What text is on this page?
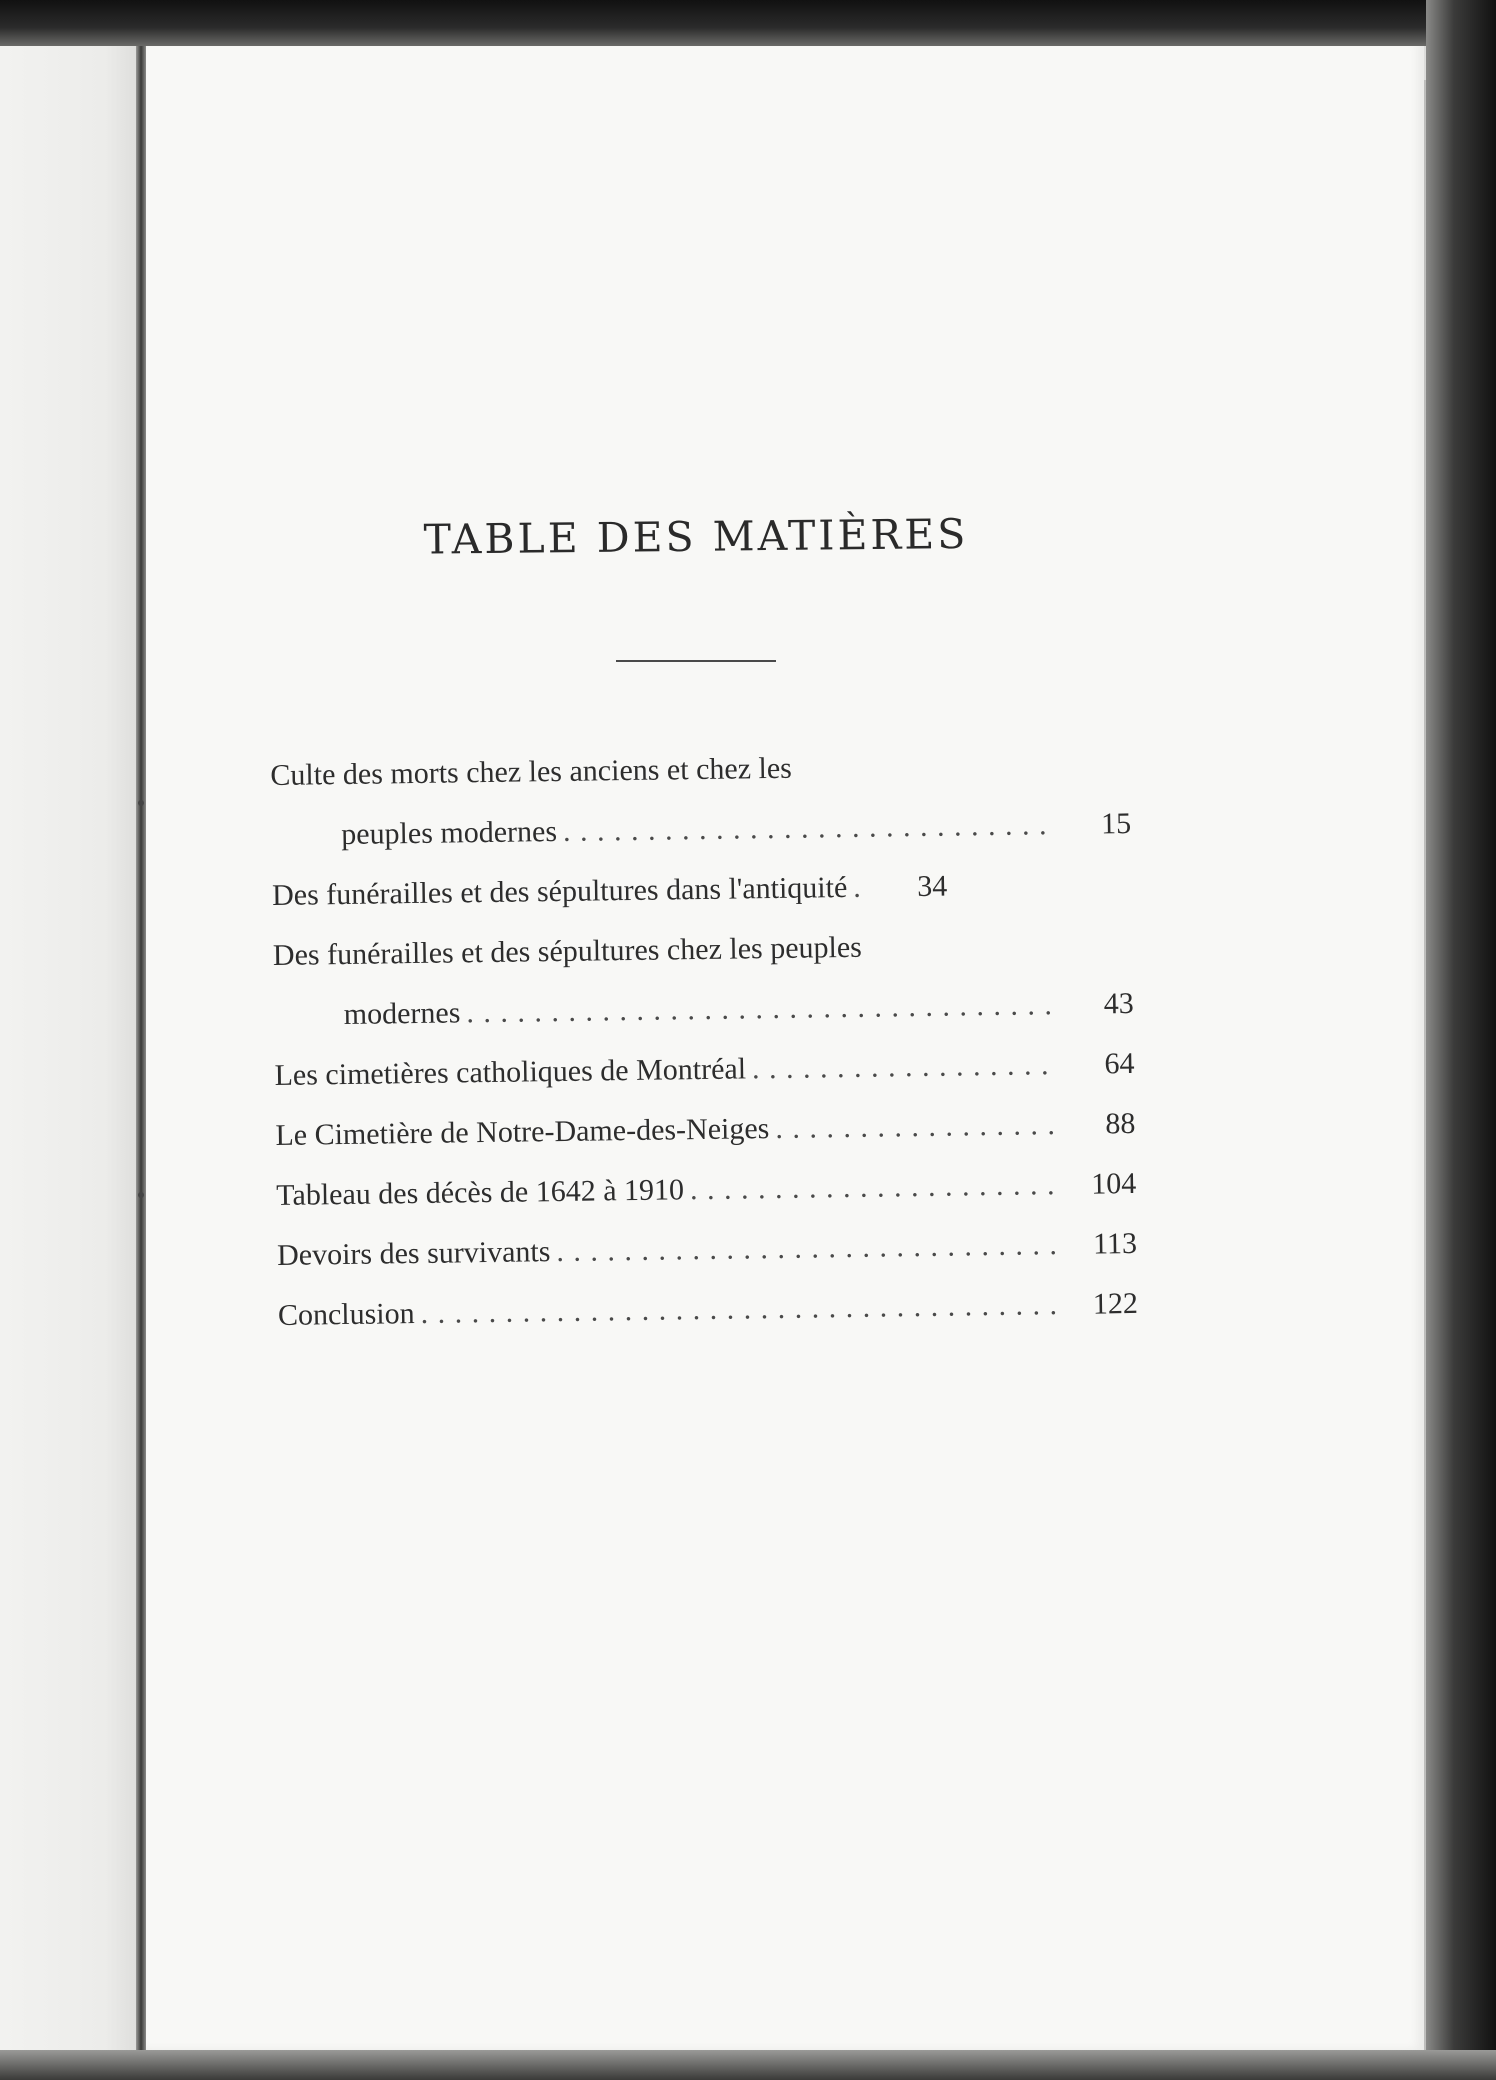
TABLE DES MATIÈRES
Culte des morts chez les anciens et chez les
peuples modernes . . .	15
Des funérailles et des sépultures dans l'antiquité . . .	34
Des funérailles et des sépultures chez les peuples
modernes . . .	43
Les cimetières catholiques de Montréal . . .	64
Le Cimetière de Notre-Dame-des-Neiges . . .	88
Tableau des décès de 1642 à 1910 . . .	104
Devoirs des survivants . . .	113
Conclusion . . .	122
